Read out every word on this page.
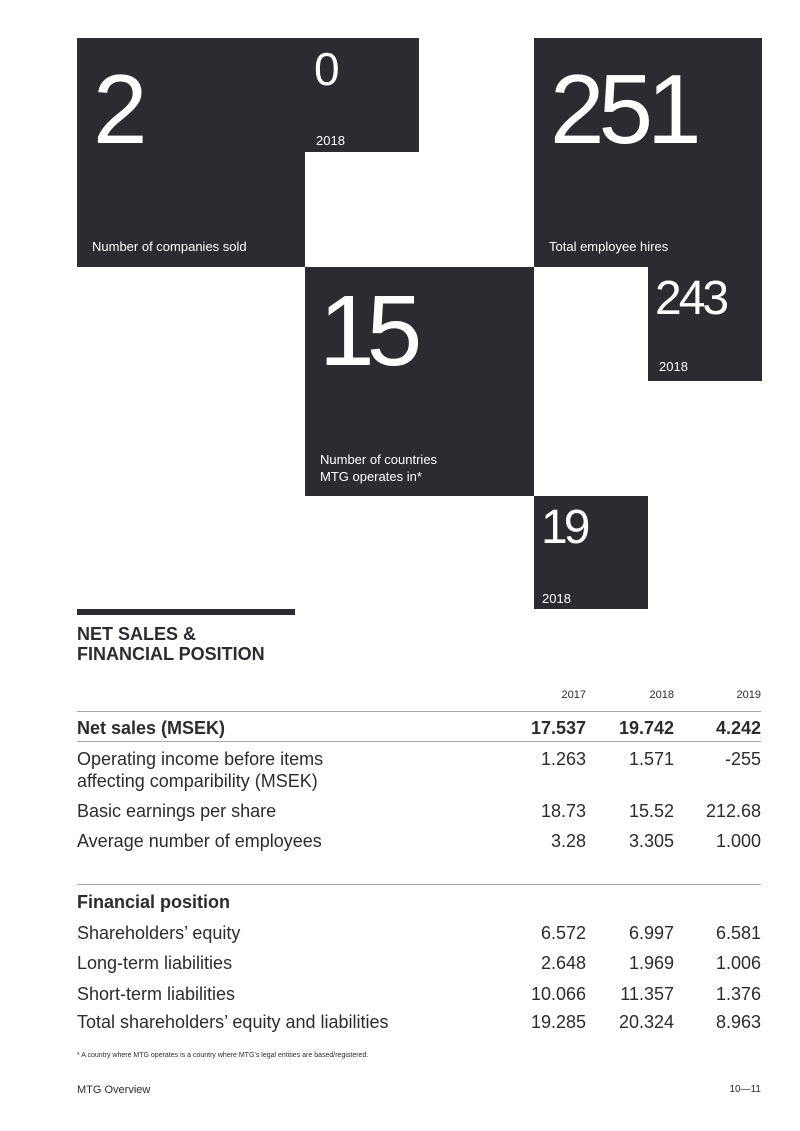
2
Number of companies sold
0
2018 251
Total employee hires
243
2018
15
Number of countries
MTG operates in*
19
2018
NET SALES &
FINANCIAL POSITION
2017	2018	2019
Net sales (MSEK)	17.537	19.742	4.242
Operating income before items
affecting comparibility (MSEK)
1.263	1.571	-255
Basic earnings per share	18.73	15.52	212.68
Average number of employees	3.28	3.305	1.000
Financial position
Shareholders’ equity	6.572	6.997	6.581
Long-term liabilities	2.648	1.969	1.006
Short-term liabilities	10.066	11.357	1.376
Total shareholders’ equity and liabilities	19.285	20.324	8.963
* A country where MTG operates is a country where MTG’s legal entities are based/registered.
MTG Overview	10—11
